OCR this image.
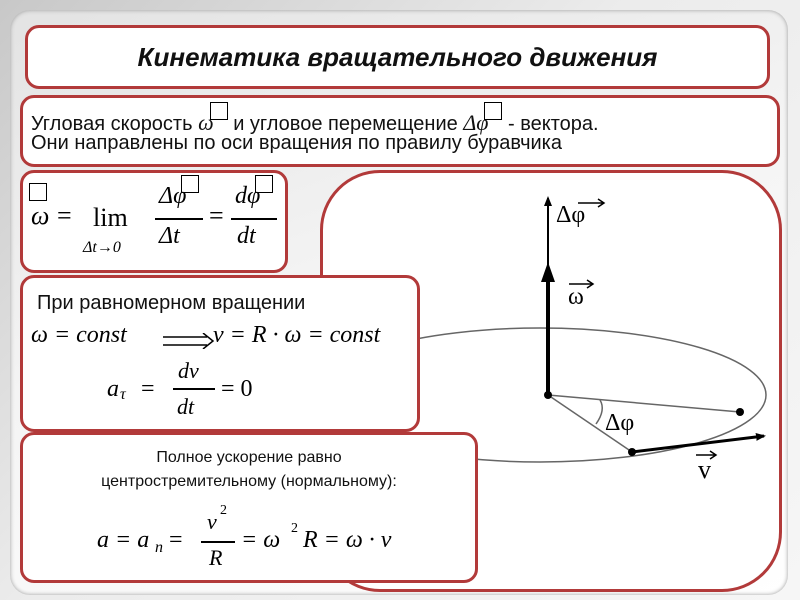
Кинематика вращательного движения
Угловая скорость ω и угловое перемещение Δφ - вектора.
Они направлены по оси вращения по правилу буравчика
Δφ
ω
Δφ
v
ω = lim
Δt→0
Δφ
Δt
=
dφ
dt
При равномерном вращении
ω = const	v = R · ω = const
a τ =
dv
dt
= 0
Полное ускорение равно
центростремительному (нормальному):
a = a n =
v 2
R
= ω 2 R = ω · v
